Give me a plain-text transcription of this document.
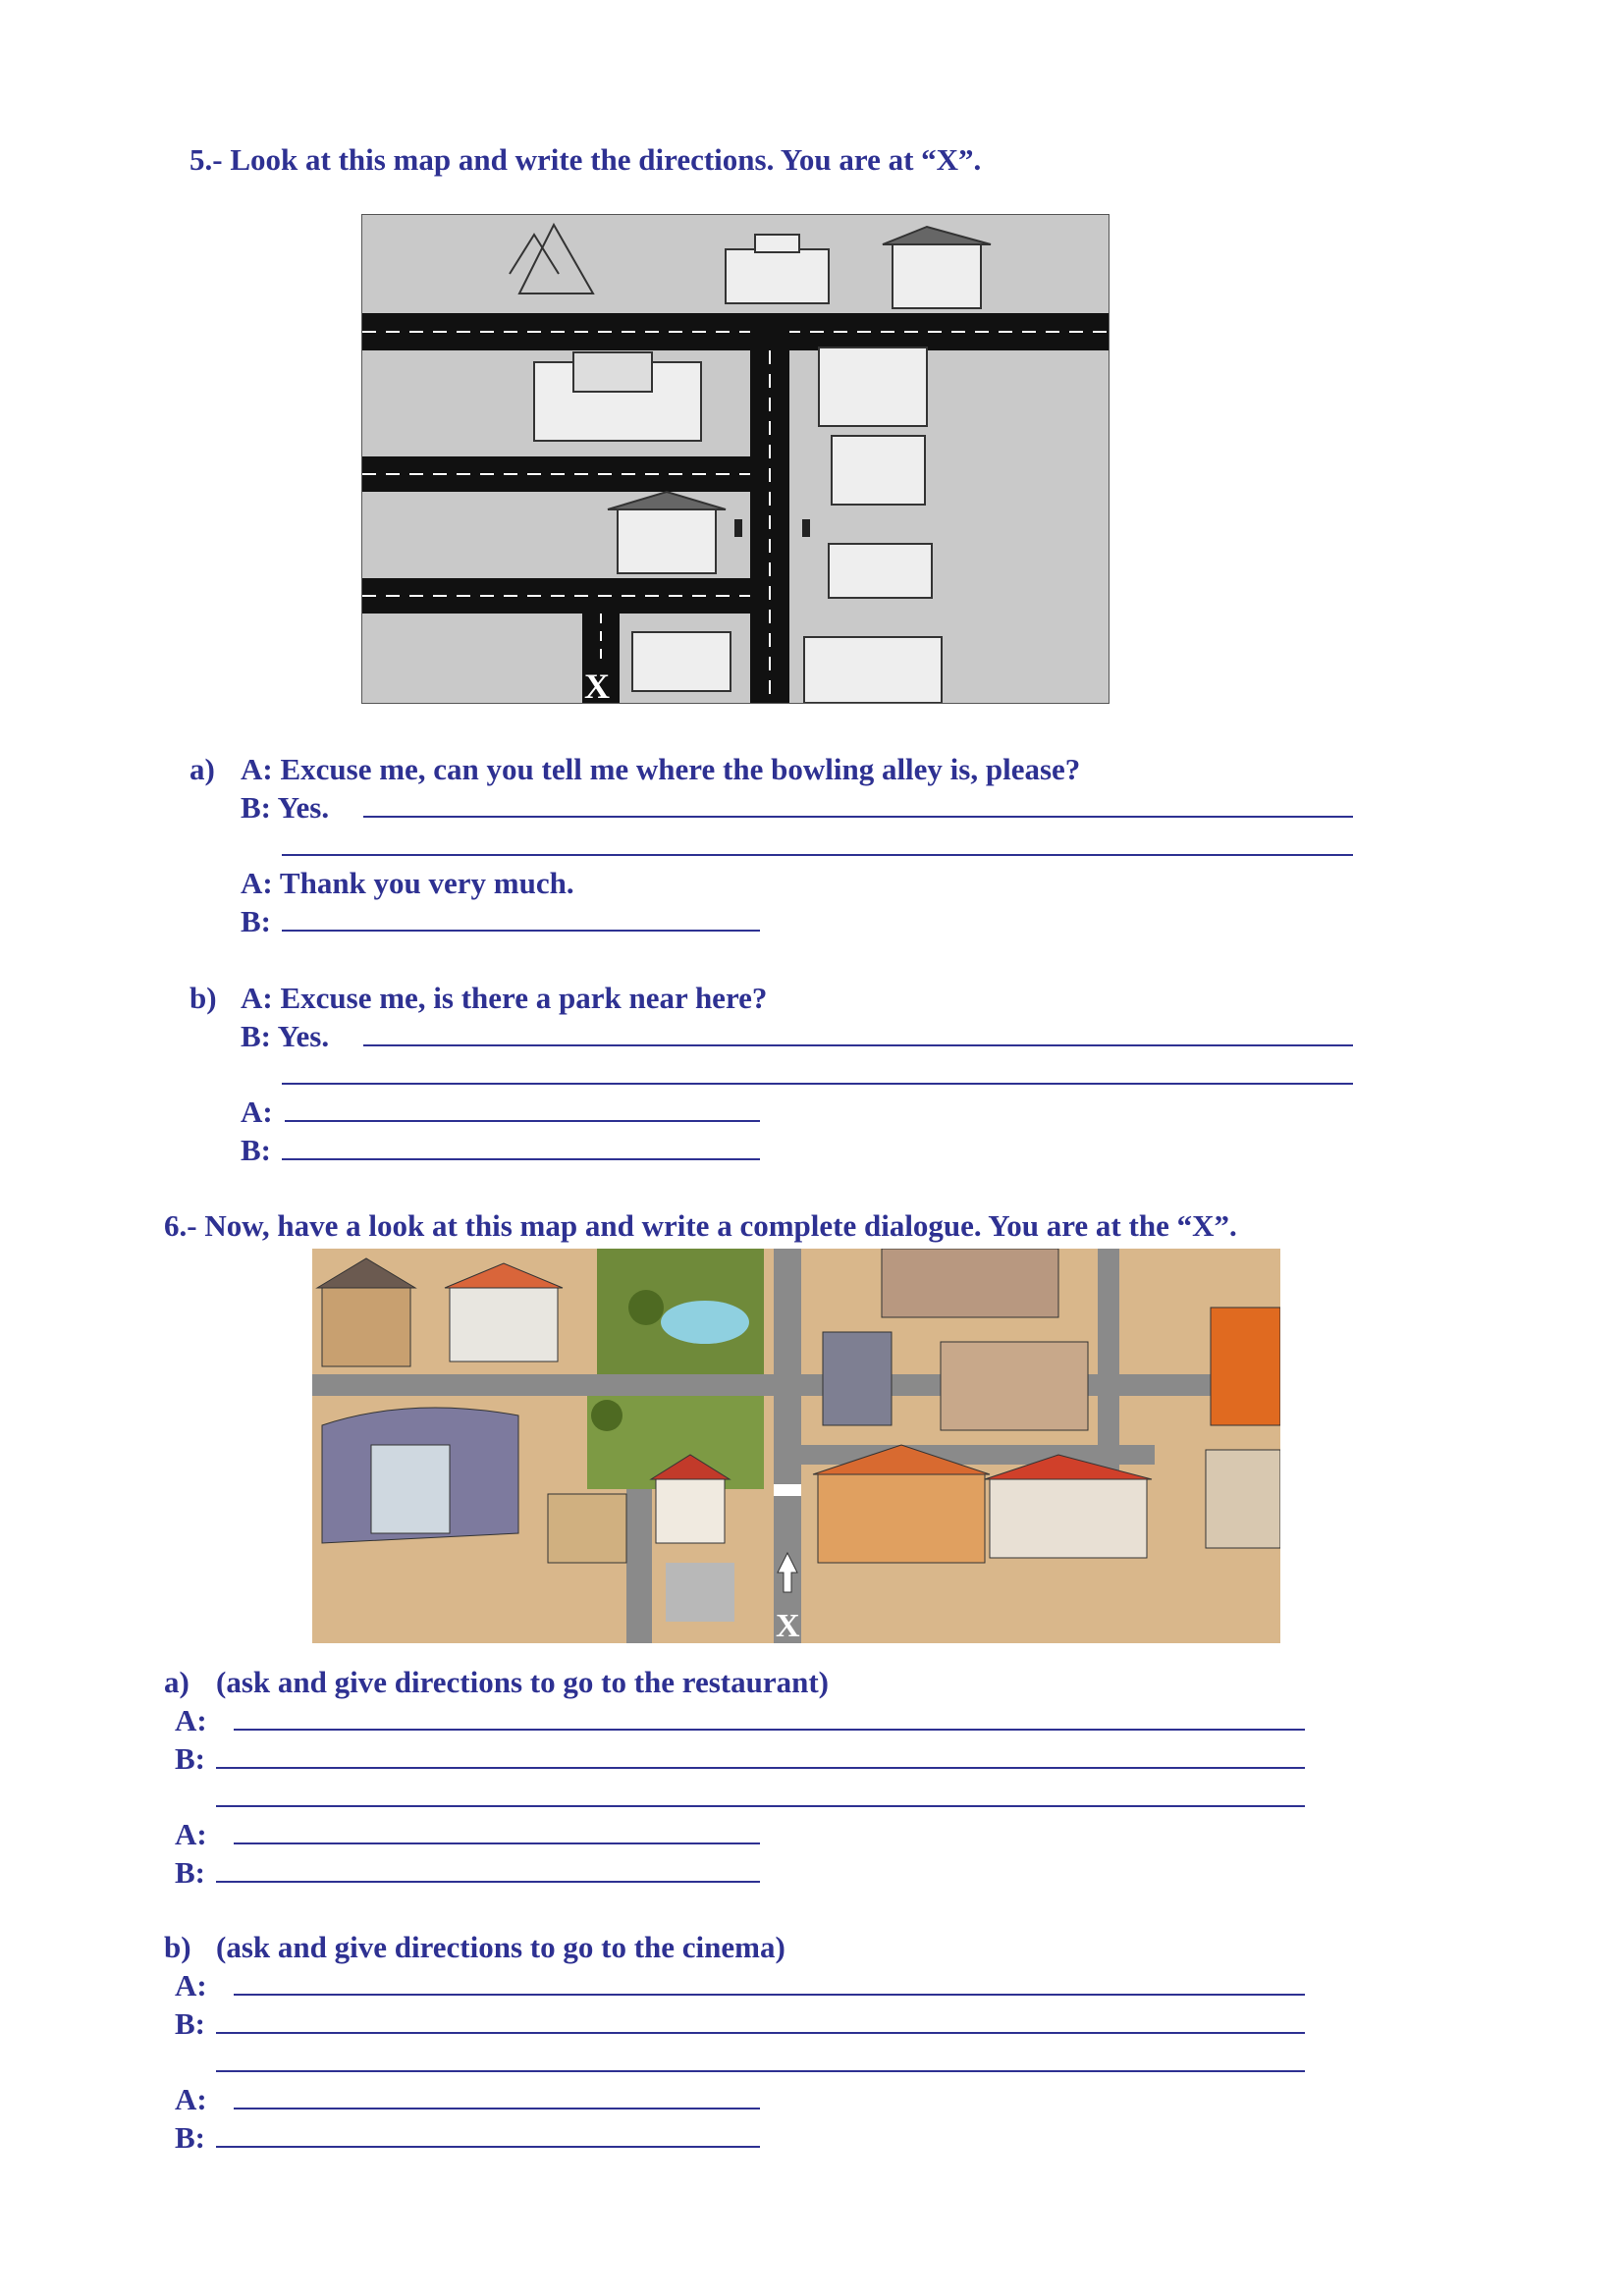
5.- Look at this map and write the directions. You are at “X”.
X
a) A: Excuse me, can you tell me where the bowling alley is, please?
B: Yes.
A: Thank you very much.
B:
b) A: Excuse me, is there a park near here?
B: Yes.
A:
B:
6.- Now, have a look at this map and write a complete dialogue. You are at the “X”.
X
a) (ask and give directions to go to the restaurant)
A:
B:
A:
B:
b) (ask and give directions to go to the cinema)
A:
B:
A:
B:
